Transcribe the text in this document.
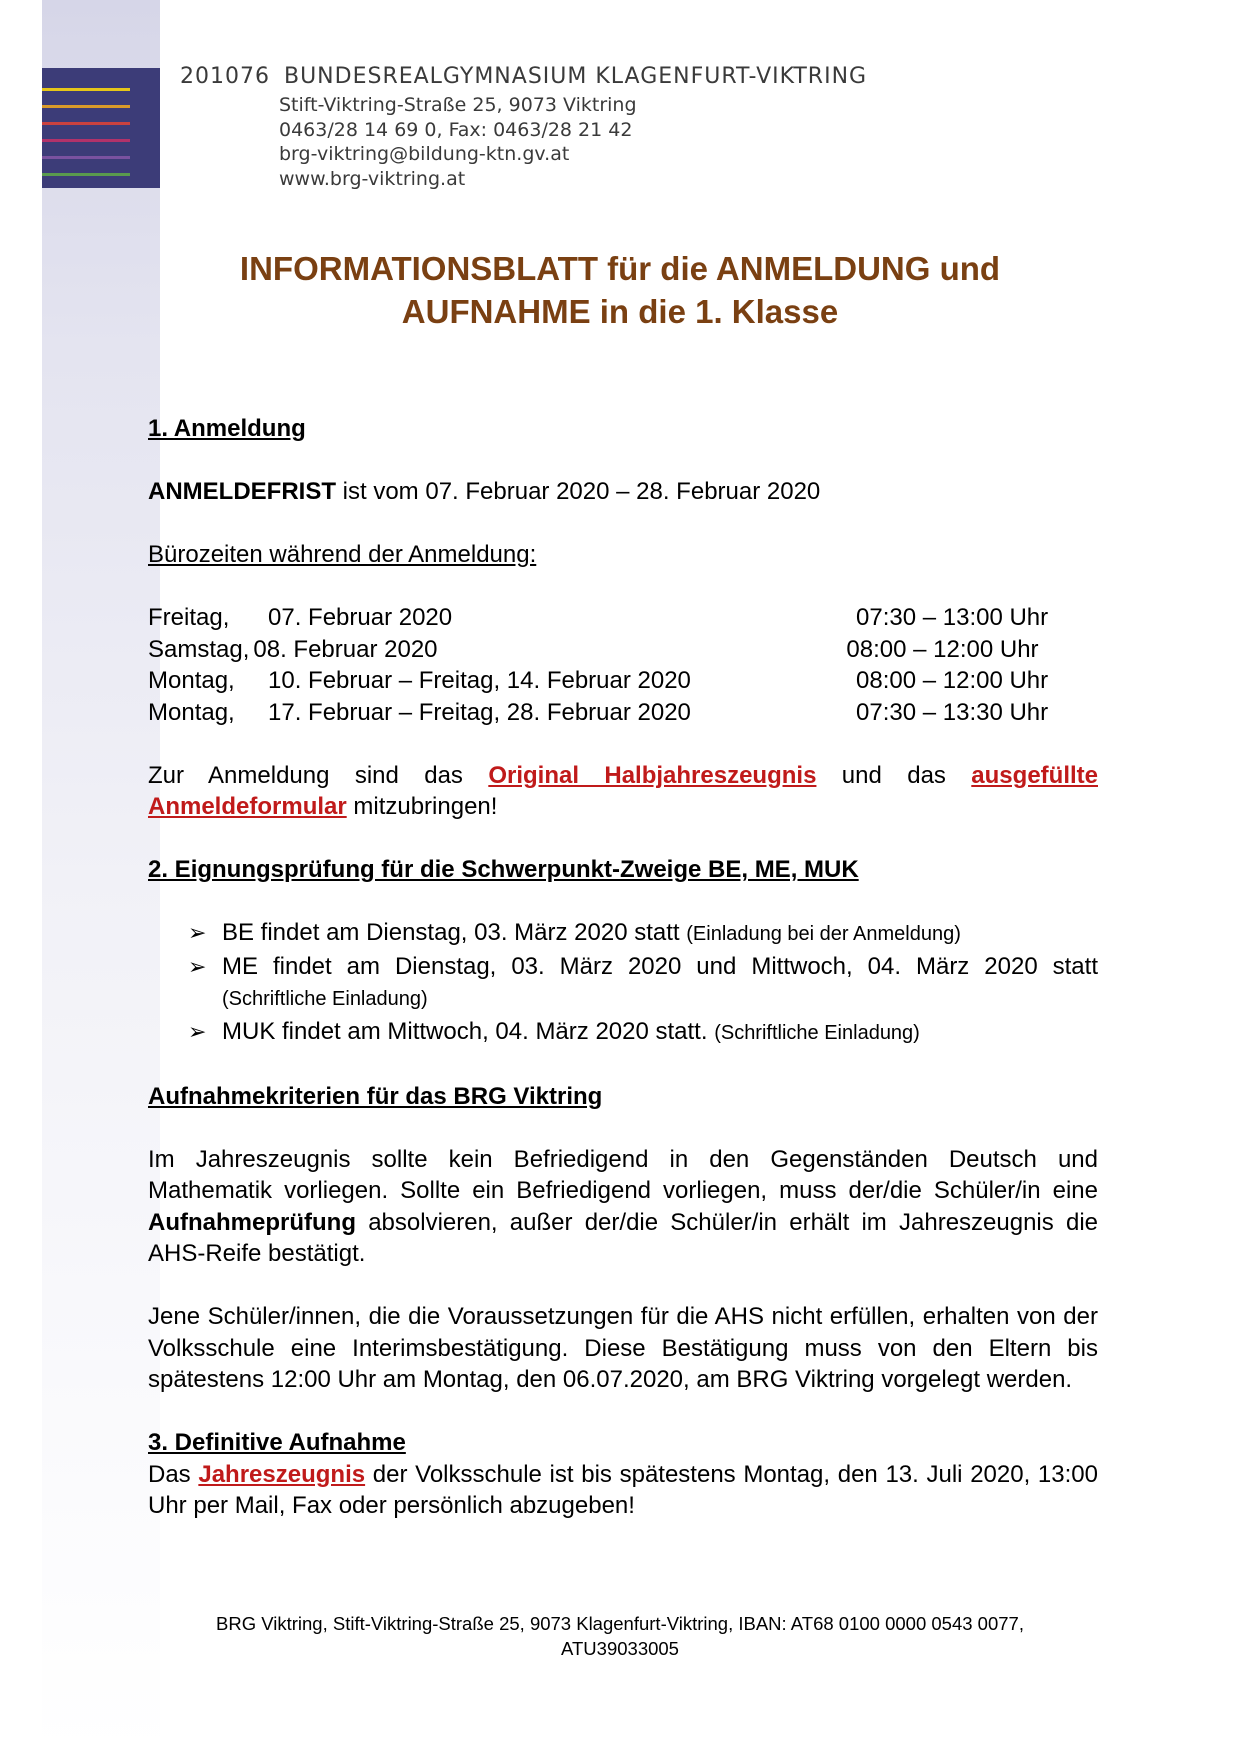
201076 BUNDESREALGYMNASIUM KLAGENFURT-VIKTRING
Stift-Viktring-Straße 25, 9073 Viktring
0463/28 14 69 0, Fax: 0463/28 21 42
brg-viktring@bildung-ktn.gv.at
www.brg-viktring.at
INFORMATIONSBLATT für die ANMELDUNG und
AUFNAHME in die 1. Klasse

1. Anmeldung

ANMELDEFRIST ist vom 07. Februar 2020 – 28. Februar 2020

Bürozeiten während der Anmeldung:

Freitag,	07. Februar 2020	07:30 – 13:00 Uhr
Samstag, 08. Februar 2020	08:00 – 12:00 Uhr
Montag,	10. Februar – Freitag, 14. Februar 2020	08:00 – 12:00 Uhr
Montag,	17. Februar – Freitag, 28. Februar 2020	07:30 – 13:30 Uhr

Zur Anmeldung sind das Original Halbjahreszeugnis und das ausgefüllte Anmeldeformular mitzubringen!

2. Eignungsprüfung für die Schwerpunkt-Zweige BE, ME, MUK

➢ BE findet am Dienstag, 03. März 2020 statt (Einladung bei der Anmeldung)
➢ ME findet am Dienstag, 03. März 2020 und Mittwoch, 04. März 2020 statt (Schriftliche Einladung)
➢ MUK findet am Mittwoch, 04. März 2020 statt. (Schriftliche Einladung)

Aufnahmekriterien für das BRG Viktring

Im Jahreszeugnis sollte kein Befriedigend in den Gegenständen Deutsch und Mathematik vorliegen. Sollte ein Befriedigend vorliegen, muss der/die Schüler/in eine Aufnahmeprüfung absolvieren, außer der/die Schüler/in erhält im Jahreszeugnis die AHS-Reife bestätigt.

Jene Schüler/innen, die die Voraussetzungen für die AHS nicht erfüllen, erhalten von der Volksschule eine Interimsbestätigung. Diese Bestätigung muss von den Eltern bis spätestens 12:00 Uhr am Montag, den 06.07.2020, am BRG Viktring vorgelegt werden.

3. Definitive Aufnahme

Das Jahreszeugnis der Volksschule ist bis spätestens Montag, den 13. Juli 2020, 13:00 Uhr per Mail, Fax oder persönlich abzugeben!

BRG Viktring, Stift-Viktring-Straße 25, 9073 Klagenfurt-Viktring, IBAN: AT68 0100 0000 0543 0077,
ATU39033005
